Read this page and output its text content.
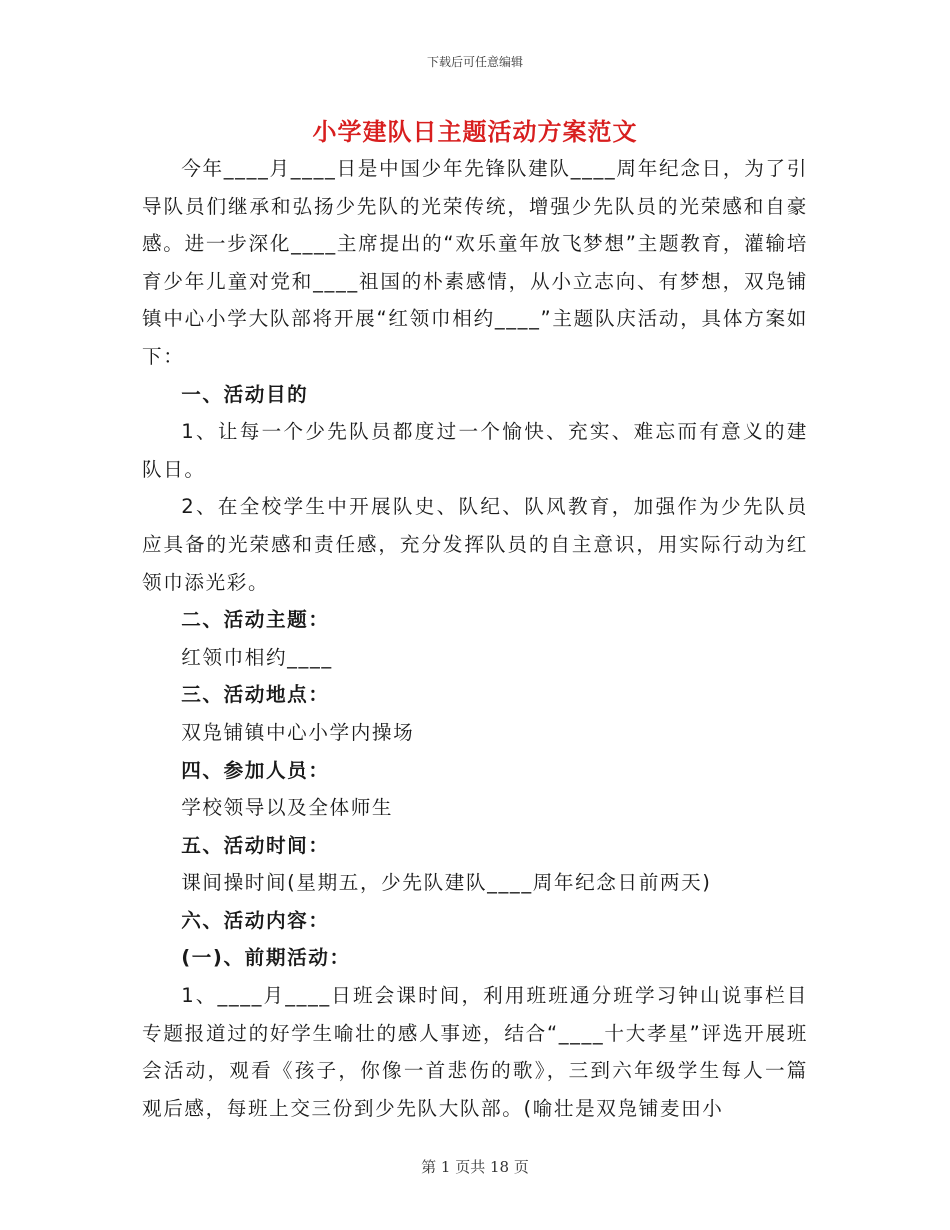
下载后可任意编辑
小学建队日主题活动方案范文

今年____月____日是中国少年先锋队建队____周年纪念日，为了引导队员们继承和弘扬少先队的光荣传统，增强少先队员的光荣感和自豪感。进一步深化____主席提出的“欢乐童年放飞梦想”主题教育，灌输培育少年儿童对党和____祖国的朴素感情，从小立志向、有梦想，双凫铺镇中心小学大队部将开展“红领巾相约____”主题队庆活动，具体方案如下：

一、活动目的

1、让每一个少先队员都度过一个愉快、充实、难忘而有意义的建队日。

2、在全校学生中开展队史、队纪、队风教育，加强作为少先队员应具备的光荣感和责任感，充分发挥队员的自主意识，用实际行动为红领巾添光彩。

二、活动主题：

红领巾相约____

三、活动地点：

双凫铺镇中心小学内操场

四、参加人员：

学校领导以及全体师生

五、活动时间：

课间操时间(星期五，少先队建队____周年纪念日前两天)

六、活动内容：

(一)、前期活动：

1、____月____日班会课时间，利用班班通分班学习钟山说事栏目专题报道过的好学生喻壮的感人事迹，结合“____十大孝星”评选开展班会活动，观看《孩子，你像一首悲伤的歌》，三到六年级学生每人一篇观后感，每班上交三份到少先队大队部。(喻壮是双凫铺麦田小

第 1 页共 18 页
